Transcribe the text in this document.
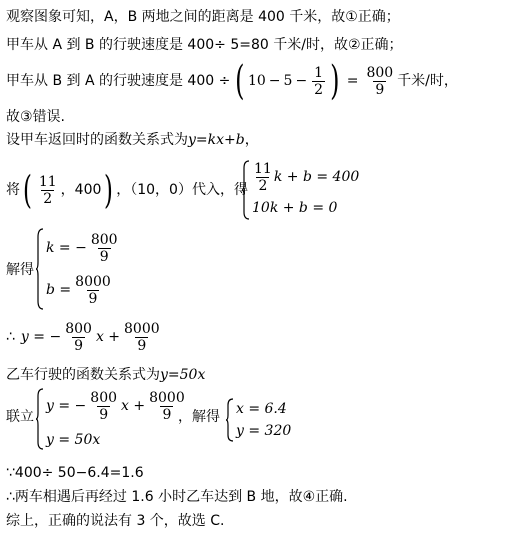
观察图象可知，A，B 两地之间的距离是 400 千米，故①正确；
甲车从 A 到 B 的行驶速度是 400÷ 5=80 千米/时，故②正确；
甲车从 B 到 A 的行驶速度是 400 ÷ ( $10 - 5 - \frac{1}{2}$ ) = $\frac{800}{9}$ 千米/时，
故③错误.
设甲车返回时的函数关系式为y=kx+b，
将 ( $\frac{11}{2}$ ，400 ) ，（10，0）代入，得 $\frac{11}{2}$ k + b = 400
10k + b = 0
解得
k = − $\frac{800}{9}$
$b = \frac{8000}{9}$
∴ y = − $\frac{800}{9}$ $x + \frac{8000}{9}$
乙车行驶的函数关系式为y=50x
联立
y = − $\frac{800}{9}$ $x + \frac{8000}{9}$
y = 50x
，解得 x = 6.4
y = 320
∵400÷ 50−6.4=1.6
∴两车相遇后再经过 1.6 小时乙车达到 B 地，故④正确.
综上，正确的说法有 3 个，故选 C.
